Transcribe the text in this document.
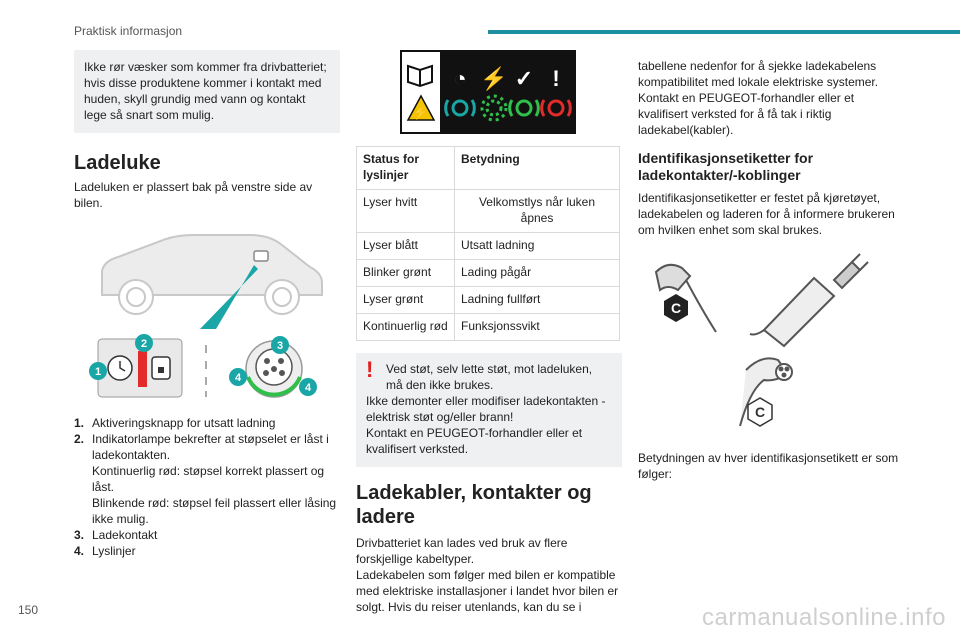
Praktisk informasjon

Ikke rør væsker som kommer fra drivbatteriet; hvis disse produktene kommer i kontakt med huden, skyll grundig med vann og kontakt lege så snart som mulig.

Ladeluke

Ladeluken er plassert bak på venstre side av bilen.

1
2	3
4
4
1. Aktiveringsknapp for utsatt ladning
2. Indikatorlampe bekrefter at støpselet er låst i ladekontakten.
Kontinuerlig rød: støpsel korrekt plassert og låst.
Blinkende rød: støpsel feil plassert eller låsing ikke mulig.
3. Ladekontakt
4. Lyslinjer
⚡
◔ ⚡ ✓ !
Status for lyslinjer	Betydning
Lyser hvitt	Velkomstlys når luken åpnes
Lyser blått	Utsatt ladning
Blinker grønt	Lading pågår
Lyser grønt	Ladning fullført
Kontinuerlig rød	Funksjonssvikt
!	Ved støt, selv lette støt, mot ladeluken, må den ikke brukes.
Ikke demonter eller modifiser ladekontakten - elektrisk støt og/eller brann!
Kontakt en PEUGEOT-forhandler eller et kvalifisert verksted.
Ladekabler, kontakter og ladere

Drivbatteriet kan lades ved bruk av flere forskjellige kabeltyper.

Ladekabelen som følger med bilen er kompatible med elektriske installasjoner i landet hvor bilen er solgt. Hvis du reiser utenlands, kan du se i

tabellene nedenfor for å sjekke ladekabelens kompatibilitet med lokale elektriske systemer.

Kontakt en PEUGEOT-forhandler eller et kvalifisert verksted for å få tak i riktig ladekabel(kabler).

Identifikasjonsetiketter for ladekontakter/-koblinger

Identifikasjonsetiketter er festet på kjøretøyet, ladekabelen og laderen for å informere brukeren om hvilken enhet som skal brukes.

C
C

Betydningen av hver identifikasjonsetikett er som følger:

150	carmanualsonline.info
